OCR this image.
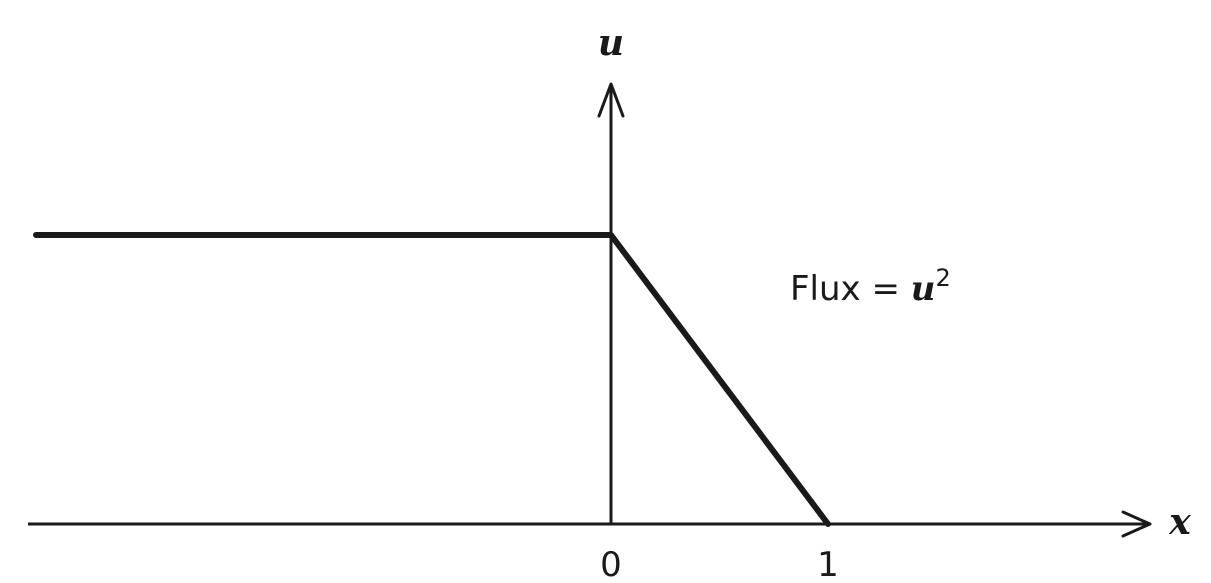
u
x
0	1
Flux = $u^2$
